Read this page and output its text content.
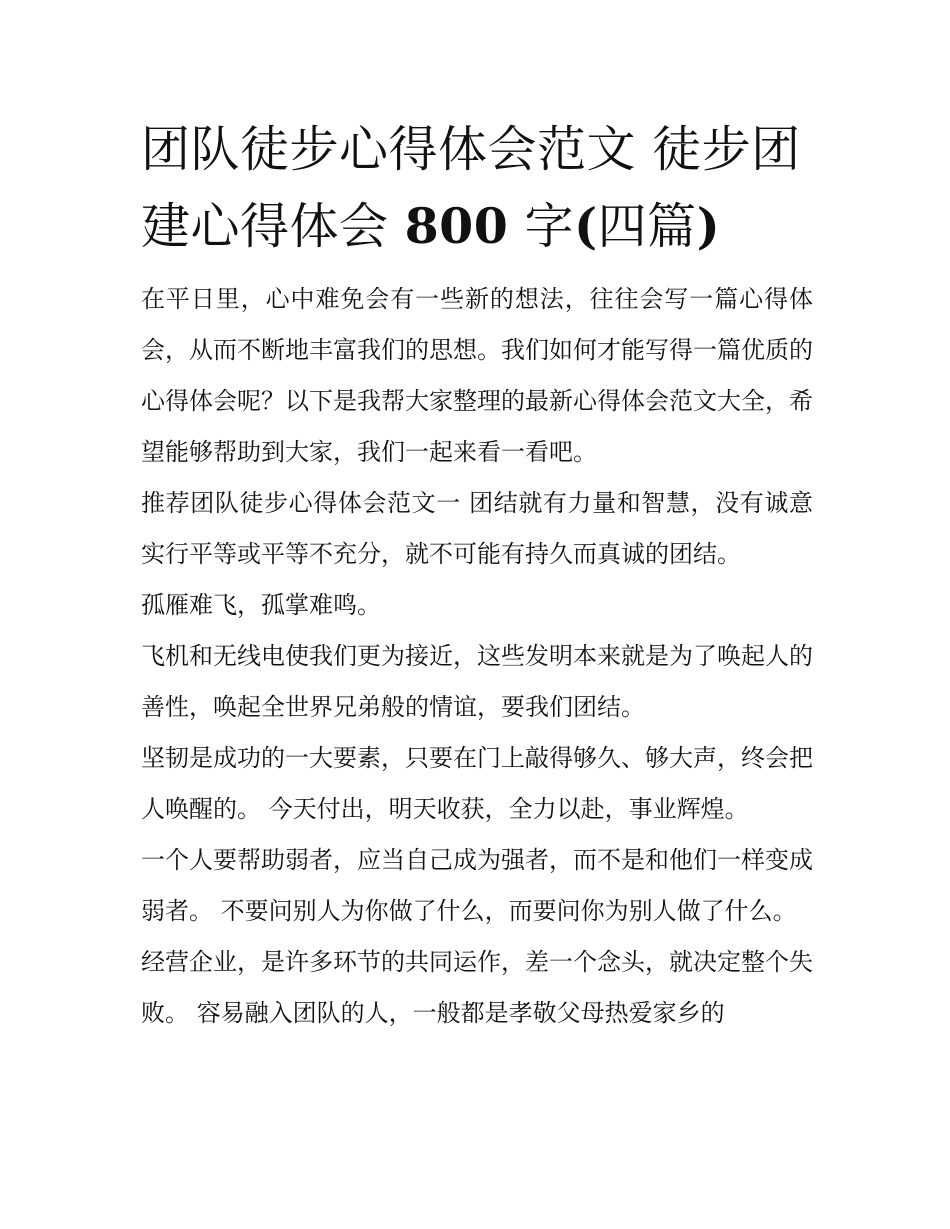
团队徒步心得体会范文 徒步团建心得体会 800 字(四篇)

在平日里，心中难免会有一些新的想法，往往会写一篇心得体会，从而不断地丰富我们的思想。我们如何才能写得一篇优质的心得体会呢？以下是我帮大家整理的最新心得体会范文大全，希望能够帮助到大家，我们一起来看一看吧。

推荐团队徒步心得体会范文一 团结就有力量和智慧，没有诚意实行平等或平等不充分，就不可能有持久而真诚的团结。

孤雁难飞，孤掌难鸣。

飞机和无线电使我们更为接近，这些发明本来就是为了唤起人的善性，唤起全世界兄弟般的情谊，要我们团结。

坚韧是成功的一大要素，只要在门上敲得够久、够大声，终会把人唤醒的。 今天付出，明天收获，全力以赴，事业辉煌。

一个人要帮助弱者，应当自己成为强者，而不是和他们一样变成弱者。 不要问别人为你做了什么，而要问你为别人做了什么。

经营企业，是许多环节的共同运作，差一个念头，就决定整个失败。 容易融入团队的人，一般都是孝敬父母热爱家乡的
